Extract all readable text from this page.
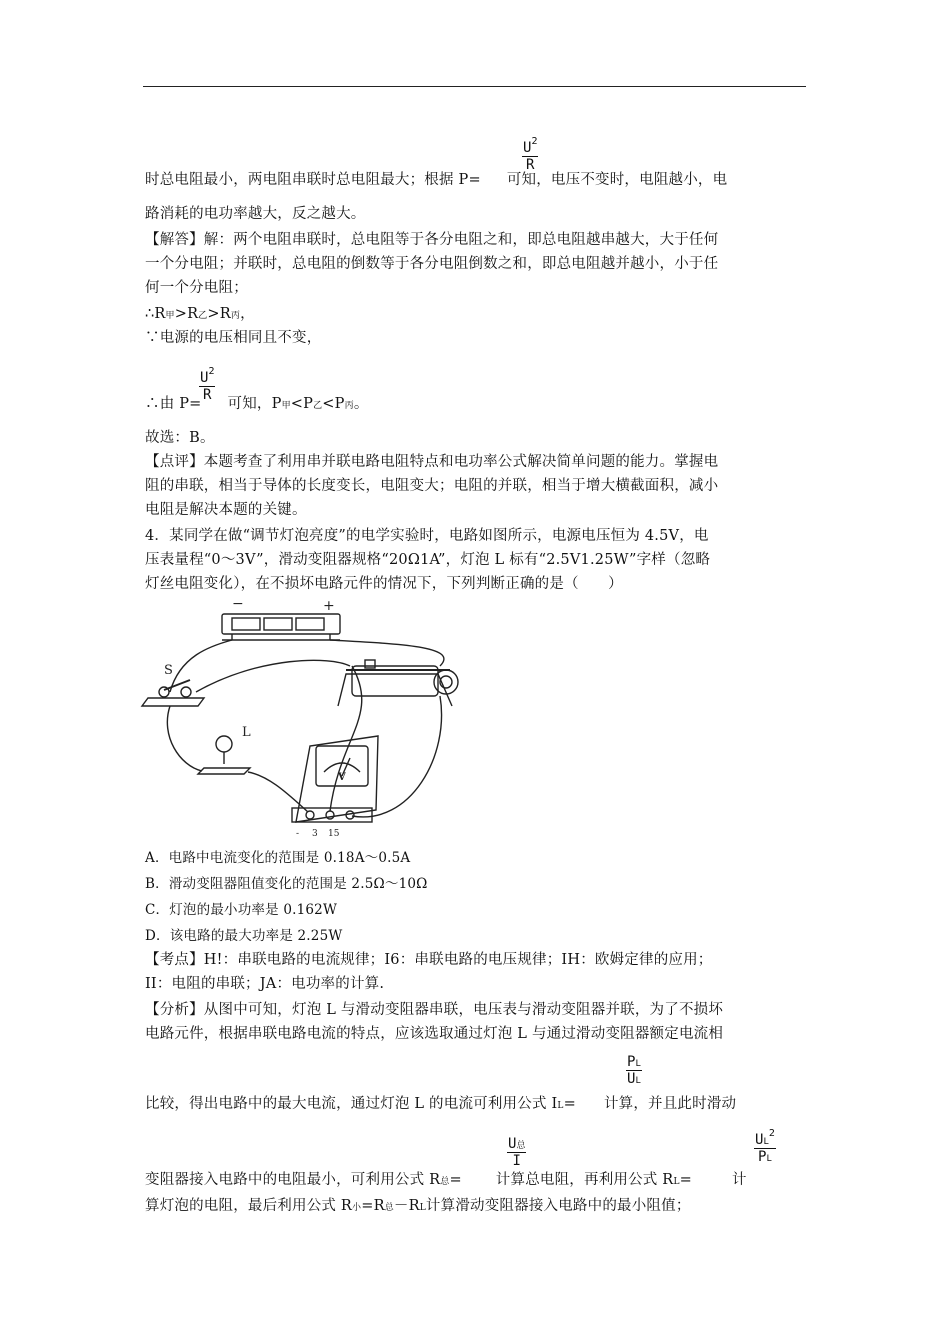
$\frac{U^2}{R}$
时总电阻最小，两电阻串联时总电阻最大；根据 P= 可知，电压不变时，电阻越小，电
路消耗的电功率越大，反之越大。
【解答】解：两个电阻串联时，总电阻等于各分电阻之和，即总电阻越串越大，大于任何
一个分电阻；并联时，总电阻的倒数等于各分电阻倒数之和，即总电阻越并越小，小于任
何一个分电阻；
∴R甲>R乙>R丙，
∵电源的电压相同且不变，
$\frac{U^2}{R}$
∴由 P= 可知，P甲<P乙<P丙。
故选：B。
【点评】本题考查了利用串并联电路电阻特点和电功率公式解决简单问题的能力。掌握电
阻的串联，相当于导体的长度变长，电阻变大；电阻的并联，相当于增大横截面积，减小
电阻是解决本题的关键。
4．某同学在做“调节灯泡亮度”的电学实验时，电路如图所示，电源电压恒为 4.5V，电
压表量程“0～3V”，滑动变阻器规格“20Ω1A”，灯泡 L 标有“2.5V1.25W”字样（忽略
灯丝电阻变化），在不损坏电路元件的情况下，下列判断正确的是（　　）
−	+
S
L
V
- 3 15
A．电路中电流变化的范围是 0.18A～0.5A
B．滑动变阻器阻值变化的范围是 2.5Ω～10Ω
C．灯泡的最小功率是 0.162W
D．该电路的最大功率是 2.25W
【考点】H!：串联电路的电流规律；I6：串联电路的电压规律；IH：欧姆定律的应用；
II：电阻的串联；JA：电功率的计算.
【分析】从图中可知，灯泡 L 与滑动变阻器串联，电压表与滑动变阻器并联，为了不损坏
电路元件，根据串联电路电流的特点，应该选取通过灯泡 L 与通过滑动变阻器额定电流相
$\frac{PL}{UL}$
比较，得出电路中的最大电流，通过灯泡 L 的电流可利用公式 IL= 计算，并且此时滑动
U总
I	$\frac{UL^2}{PL}$
变阻器接入电路中的电阻最小，可利用公式 R总= 计算总电阻，再利用公式 RL=	计
算灯泡的电阻，最后利用公式 R小=R总－RL计算滑动变阻器接入电路中的最小阻值；
